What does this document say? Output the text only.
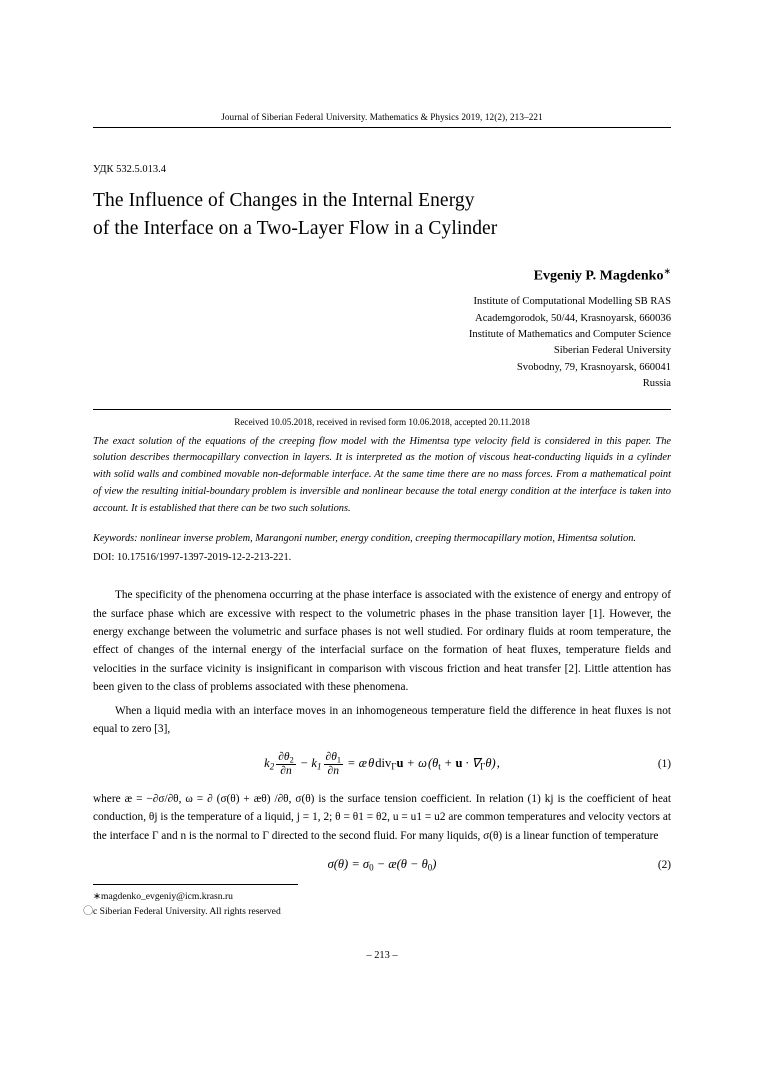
Journal of Siberian Federal University. Mathematics & Physics 2019, 12(2), 213–221
УДК 532.5.013.4
The Influence of Changes in the Internal Energy
of the Interface on a Two-Layer Flow in a Cylinder
Evgeniy P. Magdenko∗
Institute of Computational Modelling SB RAS
Academgorodok, 50/44, Krasnoyarsk, 660036
Institute of Mathematics and Computer Science
Siberian Federal University
Svobodny, 79, Krasnoyarsk, 660041
Russia
Received 10.05.2018, received in revised form 10.06.2018, accepted 20.11.2018
The exact solution of the equations of the creeping flow model with the Himentsa type velocity field is considered in this paper. The solution describes thermocapillary convection in layers. It is interpreted as the motion of viscous heat-conducting liquids in a cylinder with solid walls and combined movable non-deformable interface. At the same time there are no mass forces. From a mathematical point of view the resulting initial-boundary problem is inversible and nonlinear because the total energy condition at the interface is taken into account. It is established that there can be two such solutions.
Keywords: nonlinear inverse problem, Marangoni number, energy condition, creeping thermocapillary motion, Himentsa solution.
DOI: 10.17516/1997-1397-2019-12-2-213-221.

The specificity of the phenomena occurring at the phase interface is associated with the existence of energy and entropy of the surface phase which are excessive with respect to the volumetric phases in the phase transition layer [1]. However, the energy exchange between the volumetric and surface phases is not well studied. For ordinary fluids at room temperature, the effect of changes of the internal energy of the interfacial surface on the formation of heat fluxes, temperature fields and velocities in the surface vicinity is insignificant in comparison with viscous friction and heat transfer [2]. Little attention has been given to the class of problems associated with these phenomena.

When a liquid media with an interface moves in an inhomogeneous temperature field the difference in heat fluxes is not equal to zero [3],

$k_2$  $\frac{\partial\theta_2}{\partial n} - k_1$  $\frac{\partial\theta_1}{\partial n}$ = æ θ div$_\Gamma$u + ω $(\theta_t + u \cdot \nabla_\Gamma\theta)$ ,	(1)

where æ = −∂σ/∂θ, ω = ∂ (σ(θ) + æθ) /∂θ, σ(θ) is the surface tension coefficient. In relation (1) kj is the coefficient of heat conduction, θj is the temperature of a liquid, j = 1, 2; θ = θ1 = θ2, u = u1 = u2 are common temperatures and velocity vectors at the interface Γ and n is the normal to Γ directed to the second fluid. For many liquids, σ(θ) is a linear function of temperature

$\sigma(\theta) = \sigma_0$ − æ(θ − $\theta_0$)	(2)
∗magdenko_evgeniy@icm.krasn.ru
⃝c Siberian Federal University. All rights reserved
– 213 –
